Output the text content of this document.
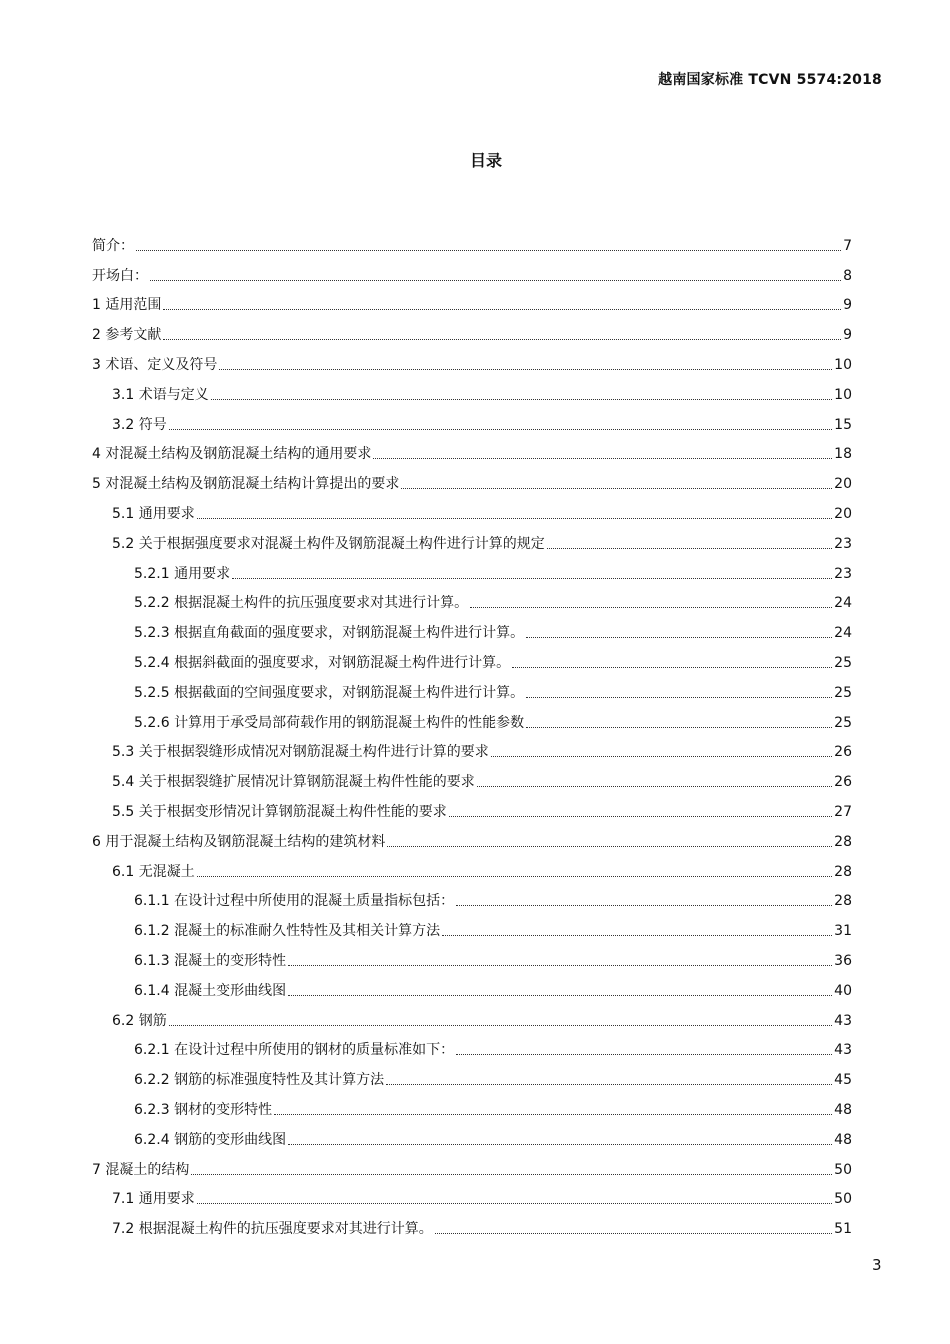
越南国家标准 TCVN 5574:2018
目录
简介：	7
开场白：	8
1 适用范围	9
2 参考文献	9
3 术语、定义及符号	10
3.1 术语与定义	10
3.2 符号	15
4 对混凝土结构及钢筋混凝土结构的通用要求	18
5 对混凝土结构及钢筋混凝土结构计算提出的要求	20
5.1 通用要求	20
5.2 关于根据强度要求对混凝土构件及钢筋混凝土构件进行计算的规定	23
5.2.1 通用要求	23
5.2.2 根据混凝土构件的抗压强度要求对其进行计算。	24
5.2.3 根据直角截面的强度要求，对钢筋混凝土构件进行计算。	24
5.2.4 根据斜截面的强度要求，对钢筋混凝土构件进行计算。	25
5.2.5 根据截面的空间强度要求，对钢筋混凝土构件进行计算。	25
5.2.6 计算用于承受局部荷载作用的钢筋混凝土构件的性能参数	25
5.3 关于根据裂缝形成情况对钢筋混凝土构件进行计算的要求	26
5.4 关于根据裂缝扩展情况计算钢筋混凝土构件性能的要求	26
5.5 关于根据变形情况计算钢筋混凝土构件性能的要求	27
6 用于混凝土结构及钢筋混凝土结构的建筑材料	28
6.1 无混凝土	28
6.1.1 在设计过程中所使用的混凝土质量指标包括：	28
6.1.2 混凝土的标准耐久性特性及其相关计算方法	31
6.1.3 混凝土的变形特性	36
6.1.4 混凝土变形曲线图	40
6.2 钢筋	43
6.2.1 在设计过程中所使用的钢材的质量标准如下：	43
6.2.2 钢筋的标准强度特性及其计算方法	45
6.2.3 钢材的变形特性	48
6.2.4 钢筋的变形曲线图	48
7 混凝土的结构	50
7.1 通用要求	50
7.2 根据混凝土构件的抗压强度要求对其进行计算。	51
3
